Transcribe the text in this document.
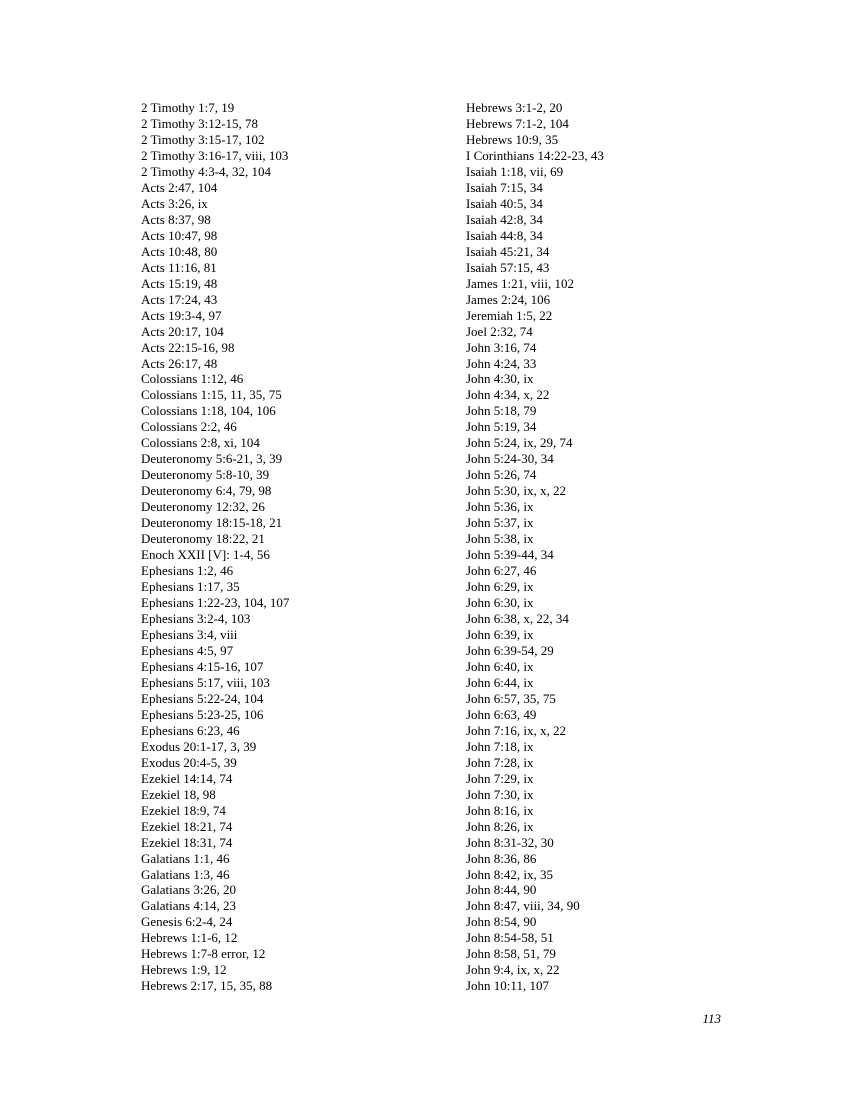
2 Timothy 1:7, 19
2 Timothy 3:12-15, 78
2 Timothy 3:15-17, 102
2 Timothy 3:16-17, viii, 103
2 Timothy 4:3-4, 32, 104
Acts 2:47, 104
Acts 3:26, ix
Acts 8:37, 98
Acts 10:47, 98
Acts 10:48, 80
Acts 11:16, 81
Acts 15:19, 48
Acts 17:24, 43
Acts 19:3-4, 97
Acts 20:17, 104
Acts 22:15-16, 98
Acts 26:17, 48
Colossians 1:12, 46
Colossians 1:15, 11, 35, 75
Colossians 1:18, 104, 106
Colossians 2:2, 46
Colossians 2:8, xi, 104
Deuteronomy 5:6-21, 3, 39
Deuteronomy 5:8-10, 39
Deuteronomy 6:4, 79, 98
Deuteronomy 12:32, 26
Deuteronomy 18:15-18, 21
Deuteronomy 18:22, 21
Enoch XXII [V]: 1-4, 56
Ephesians 1:2, 46
Ephesians 1:17, 35
Ephesians 1:22-23, 104, 107
Ephesians 3:2-4, 103
Ephesians 3:4, viii
Ephesians 4:5, 97
Ephesians 4:15-16, 107
Ephesians 5:17, viii, 103
Ephesians 5:22-24, 104
Ephesians 5:23-25, 106
Ephesians 6:23, 46
Exodus 20:1-17, 3, 39
Exodus 20:4-5, 39
Ezekiel 14:14, 74
Ezekiel 18, 98
Ezekiel 18:9, 74
Ezekiel 18:21, 74
Ezekiel 18:31, 74
Galatians 1:1, 46
Galatians 1:3, 46
Galatians 3:26, 20
Galatians 4:14, 23
Genesis 6:2-4, 24
Hebrews 1:1-6, 12
Hebrews 1:7-8 error, 12
Hebrews 1:9, 12
Hebrews 2:17, 15, 35, 88
Hebrews 3:1-2, 20
Hebrews 7:1-2, 104
Hebrews 10:9, 35
I Corinthians 14:22-23, 43
Isaiah 1:18, vii, 69
Isaiah 7:15, 34
Isaiah 40:5, 34
Isaiah 42:8, 34
Isaiah 44:8, 34
Isaiah 45:21, 34
Isaiah 57:15, 43
James 1:21, viii, 102
James 2:24, 106
Jeremiah 1:5, 22
Joel 2:32, 74
John 3:16, 74
John 4:24, 33
John 4:30, ix
John 4:34, x, 22
John 5:18, 79
John 5:19, 34
John 5:24, ix, 29, 74
John 5:24-30, 34
John 5:26, 74
John 5:30, ix, x, 22
John 5:36, ix
John 5:37, ix
John 5:38, ix
John 5:39-44, 34
John 6:27, 46
John 6:29, ix
John 6:30, ix
John 6:38, x, 22, 34
John 6:39, ix
John 6:39-54, 29
John 6:40, ix
John 6:44, ix
John 6:57, 35, 75
John 6:63, 49
John 7:16, ix, x, 22
John 7:18, ix
John 7:28, ix
John 7:29, ix
John 7:30, ix
John 8:16, ix
John 8:26, ix
John 8:31-32, 30
John 8:36, 86
John 8:42, ix, 35
John 8:44, 90
John 8:47, viii, 34, 90
John 8:54, 90
John 8:54-58, 51
John 8:58, 51, 79
John 9:4, ix, x, 22
John 10:11, 107
113
